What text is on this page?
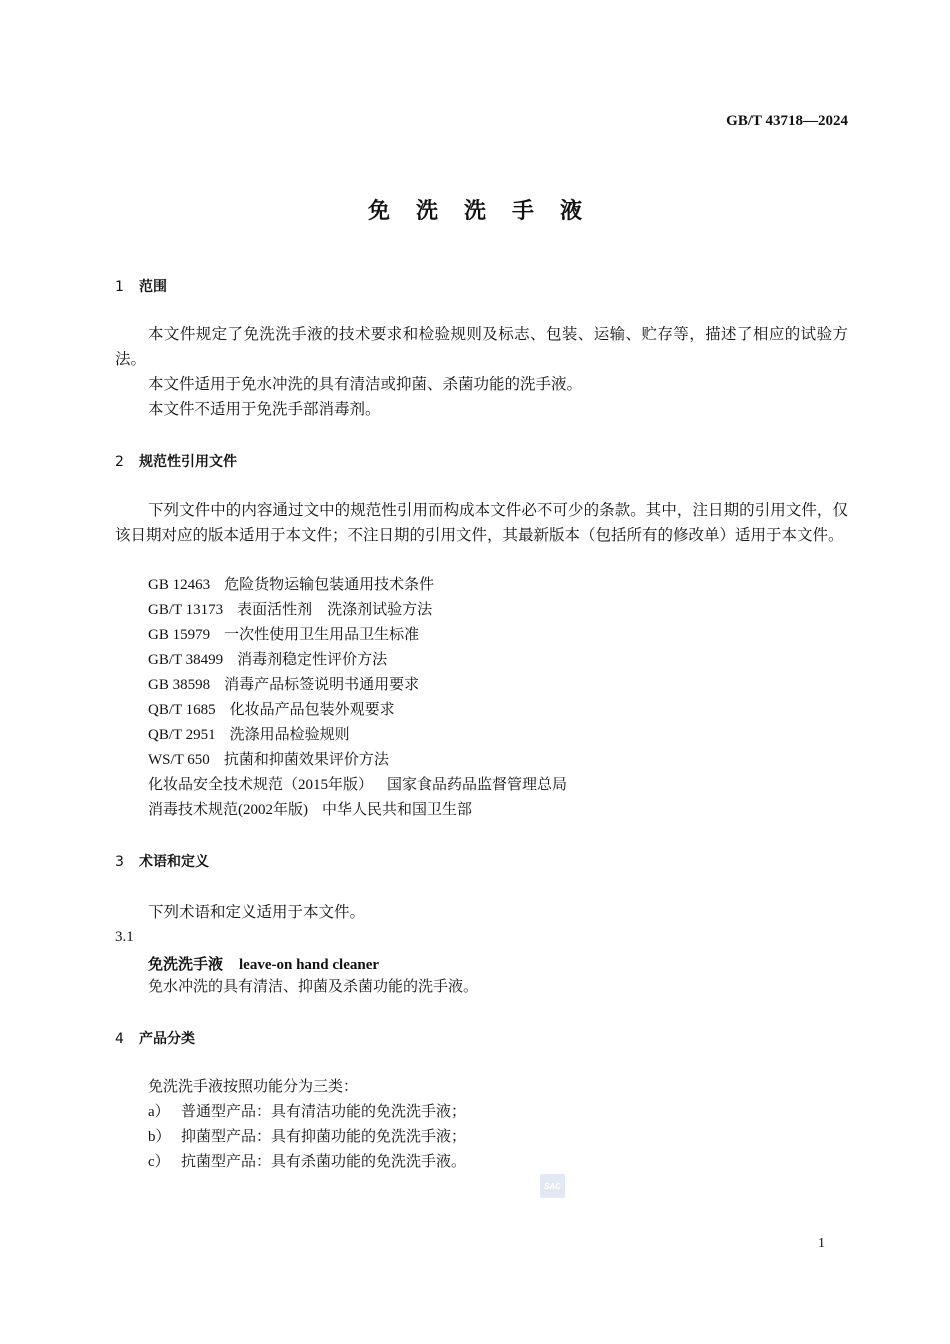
GB/T 43718—2024
免洗洗手液
1 范围
本文件规定了免洗洗手液的技术要求和检验规则及标志、包装、运输、贮存等，描述了相应的试验方法。
本文件适用于免水冲洗的具有清洁或抑菌、杀菌功能的洗手液。
本文件不适用于免洗手部消毒剂。
2 规范性引用文件
下列文件中的内容通过文中的规范性引用而构成本文件必不可少的条款。其中，注日期的引用文件，仅该日期对应的版本适用于本文件；不注日期的引用文件，其最新版本（包括所有的修改单）适用于本文件。
3 术语和定义
下列术语和定义适用于本文件。
3.1
免洗洗手液 leave-on hand cleaner
免水冲洗的具有清洁、抑菌及杀菌功能的洗手液。
4 产品分类
免洗洗手液按照功能分为三类：
SAC
1
GB 12463 危险货物运输包装通用技术条件
GB/T 13173 表面活性剂　洗涤剂试验方法
GB 15979 一次性使用卫生用品卫生标准
GB/T 38499 消毒剂稳定性评价方法
GB 38598 消毒产品标签说明书通用要求
QB/T 1685 化妆品产品包装外观要求
QB/T 2951 洗涤用品检验规则
WS/T 650 抗菌和抑菌效果评价方法
化妆品安全技术规范（2015年版） 国家食品药品监督管理总局
消毒技术规范(2002年版) 中华人民共和国卫生部
a） 普通型产品：具有清洁功能的免洗洗手液；
b） 抑菌型产品：具有抑菌功能的免洗洗手液；
c） 抗菌型产品：具有杀菌功能的免洗洗手液。
